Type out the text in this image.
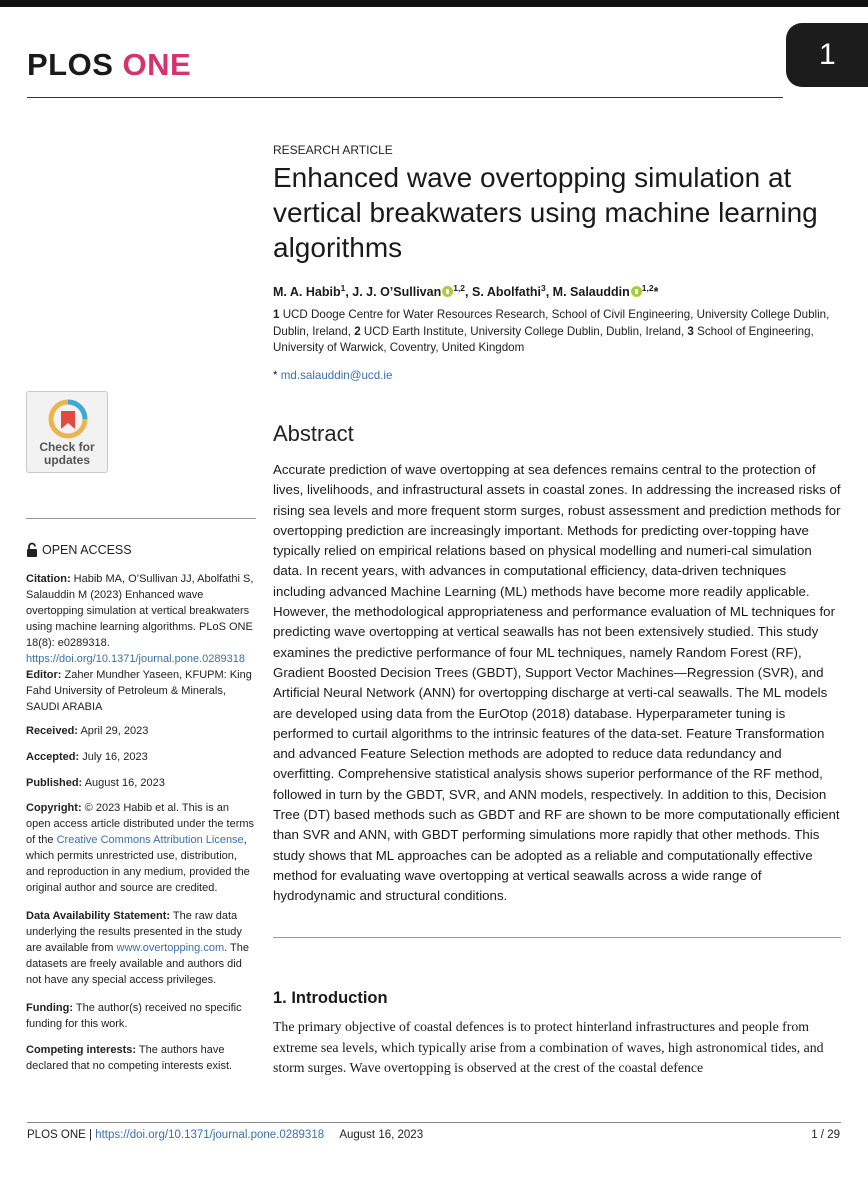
PLOS ONE	1
Check for updates
OPEN ACCESS
Citation: Habib MA, O’Sullivan JJ, Abolfathi S, Salauddin M (2023) Enhanced wave overtopping simulation at vertical breakwaters using machine learning algorithms. PLoS ONE 18(8): e0289318. https://doi.org/10.1371/journal.pone.0289318
Editor: Zaher Mundher Yaseen, KFUPM: King Fahd University of Petroleum & Minerals, SAUDI ARABIA
Received: April 29, 2023
Accepted: July 16, 2023
Published: August 16, 2023
Copyright: © 2023 Habib et al. This is an open access article distributed under the terms of the Creative Commons Attribution License, which permits unrestricted use, distribution, and reproduction in any medium, provided the original author and source are credited.
Data Availability Statement: The raw data underlying the results presented in the study are available from www.overtopping.com. The datasets are freely available and authors did not have any special access privileges.
Funding: The author(s) received no specific funding for this work.
Competing interests: The authors have declared that no competing interests exist.
RESEARCH ARTICLE
Enhanced wave overtopping simulation at vertical breakwaters using machine learning algorithms
M. A. Habib$^1$, J. J. O’Sullivan $^{1,2}$, S. Abolfathi$^3$, M. Salauddin $^{1,2}$*
1 UCD Dooge Centre for Water Resources Research, School of Civil Engineering, University College Dublin, Dublin, Ireland, 2 UCD Earth Institute, University College Dublin, Dublin, Ireland, 3 School of Engineering, University of Warwick, Coventry, United Kingdom
* md.salauddin@ucd.ie
Abstract
Accurate prediction of wave overtopping at sea defences remains central to the protection of lives, livelihoods, and infrastructural assets in coastal zones. In addressing the increased risks of rising sea levels and more frequent storm surges, robust assessment and prediction methods for overtopping prediction are increasingly important. Methods for predicting over-topping have typically relied on empirical relations based on physical modelling and numeri-cal simulation data. In recent years, with advances in computational efficiency, data-driven techniques including advanced Machine Learning (ML) methods have become more readily applicable. However, the methodological appropriateness and performance evaluation of ML techniques for predicting wave overtopping at vertical seawalls has not been extensively studied. This study examines the predictive performance of four ML techniques, namely Random Forest (RF), Gradient Boosted Decision Trees (GBDT), Support Vector Machines—Regression (SVR), and Artificial Neural Network (ANN) for overtopping discharge at verti-cal seawalls. The ML models are developed using data from the EurOtop (2018) database. Hyperparameter tuning is performed to curtail algorithms to the intrinsic features of the data-set. Feature Transformation and advanced Feature Selection methods are adopted to reduce data redundancy and overfitting. Comprehensive statistical analysis shows superior performance of the RF method, followed in turn by the GBDT, SVR, and ANN models, respectively. In addition to this, Decision Tree (DT) based methods such as GBDT and RF are shown to be more computationally efficient than SVR and ANN, with GBDT performing simulations more rapidly that other methods. This study shows that ML approaches can be adopted as a reliable and computationally effective method for evaluating wave overtopping at vertical seawalls across a wide range of hydrodynamic and structural conditions.
1. Introduction
The primary objective of coastal defences is to protect hinterland infrastructures and people from extreme sea levels, which typically arise from a combination of waves, high astronomical tides, and storm surges. Wave overtopping is observed at the crest of the coastal defence
PLOS ONE | https://doi.org/10.1371/journal.pone.0289318 August 16, 2023	1 / 29
